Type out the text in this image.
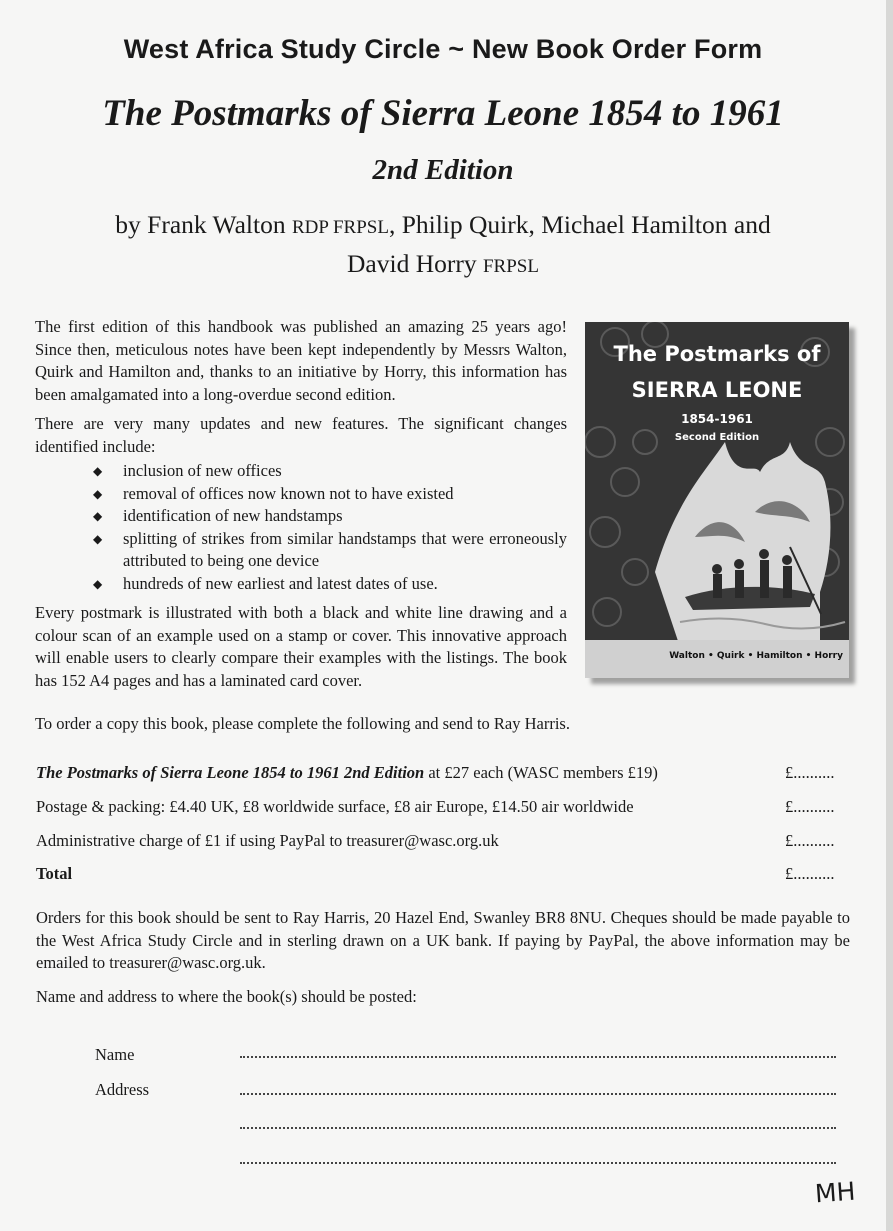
West Africa Study Circle ~ New Book Order Form
The Postmarks of Sierra Leone 1854 to 1961
2nd Edition
by Frank Walton RDP FRPSL, Philip Quirk, Michael Hamilton and
David Horry FRPSL

The first edition of this handbook was published an amazing 25 years ago! Since then, meticulous notes have been kept independently by Messrs Walton, Quirk and Hamilton and, thanks to an initiative by Horry, this information has been amalgamated into a long-overdue second edition.

There are very many updates and new features. The significant changes identified include:

◆ inclusion of new offices
◆ removal of offices now known not to have existed
◆ identification of new handstamps
◆ splitting of strikes from similar handstamps that were erroneously attributed to being one device
◆ hundreds of new earliest and latest dates of use.

Every postmark is illustrated with both a black and white line drawing and a colour scan of an example used on a stamp or cover. This innovative approach will enable users to clearly compare their examples with the listings. The book has 152 A4 pages and has a laminated card cover.

The Postmarks of
SIERRA LEONE
1854-1961
Second Edition
Walton • Quirk • Hamilton • Horry
To order a copy this book, please complete the following and send to Ray Harris.
The Postmarks of Sierra Leone 1854 to 1961 2nd Edition at £27 each (WASC members £19)	£..........
Postage & packing: £4.40 UK, £8 worldwide surface, £8 air Europe, £14.50 air worldwide	£..........
Administrative charge of £1 if using PayPal to treasurer@wasc.org.uk	£..........
Total	£..........
Orders for this book should be sent to Ray Harris, 20 Hazel End, Swanley BR8 8NU. Cheques should be made payable to the West Africa Study Circle and in sterling drawn on a UK bank. If paying by PayPal, the above information may be emailed to treasurer@wasc.org.uk.
Name and address to where the book(s) should be posted:
Name
Address
MH
